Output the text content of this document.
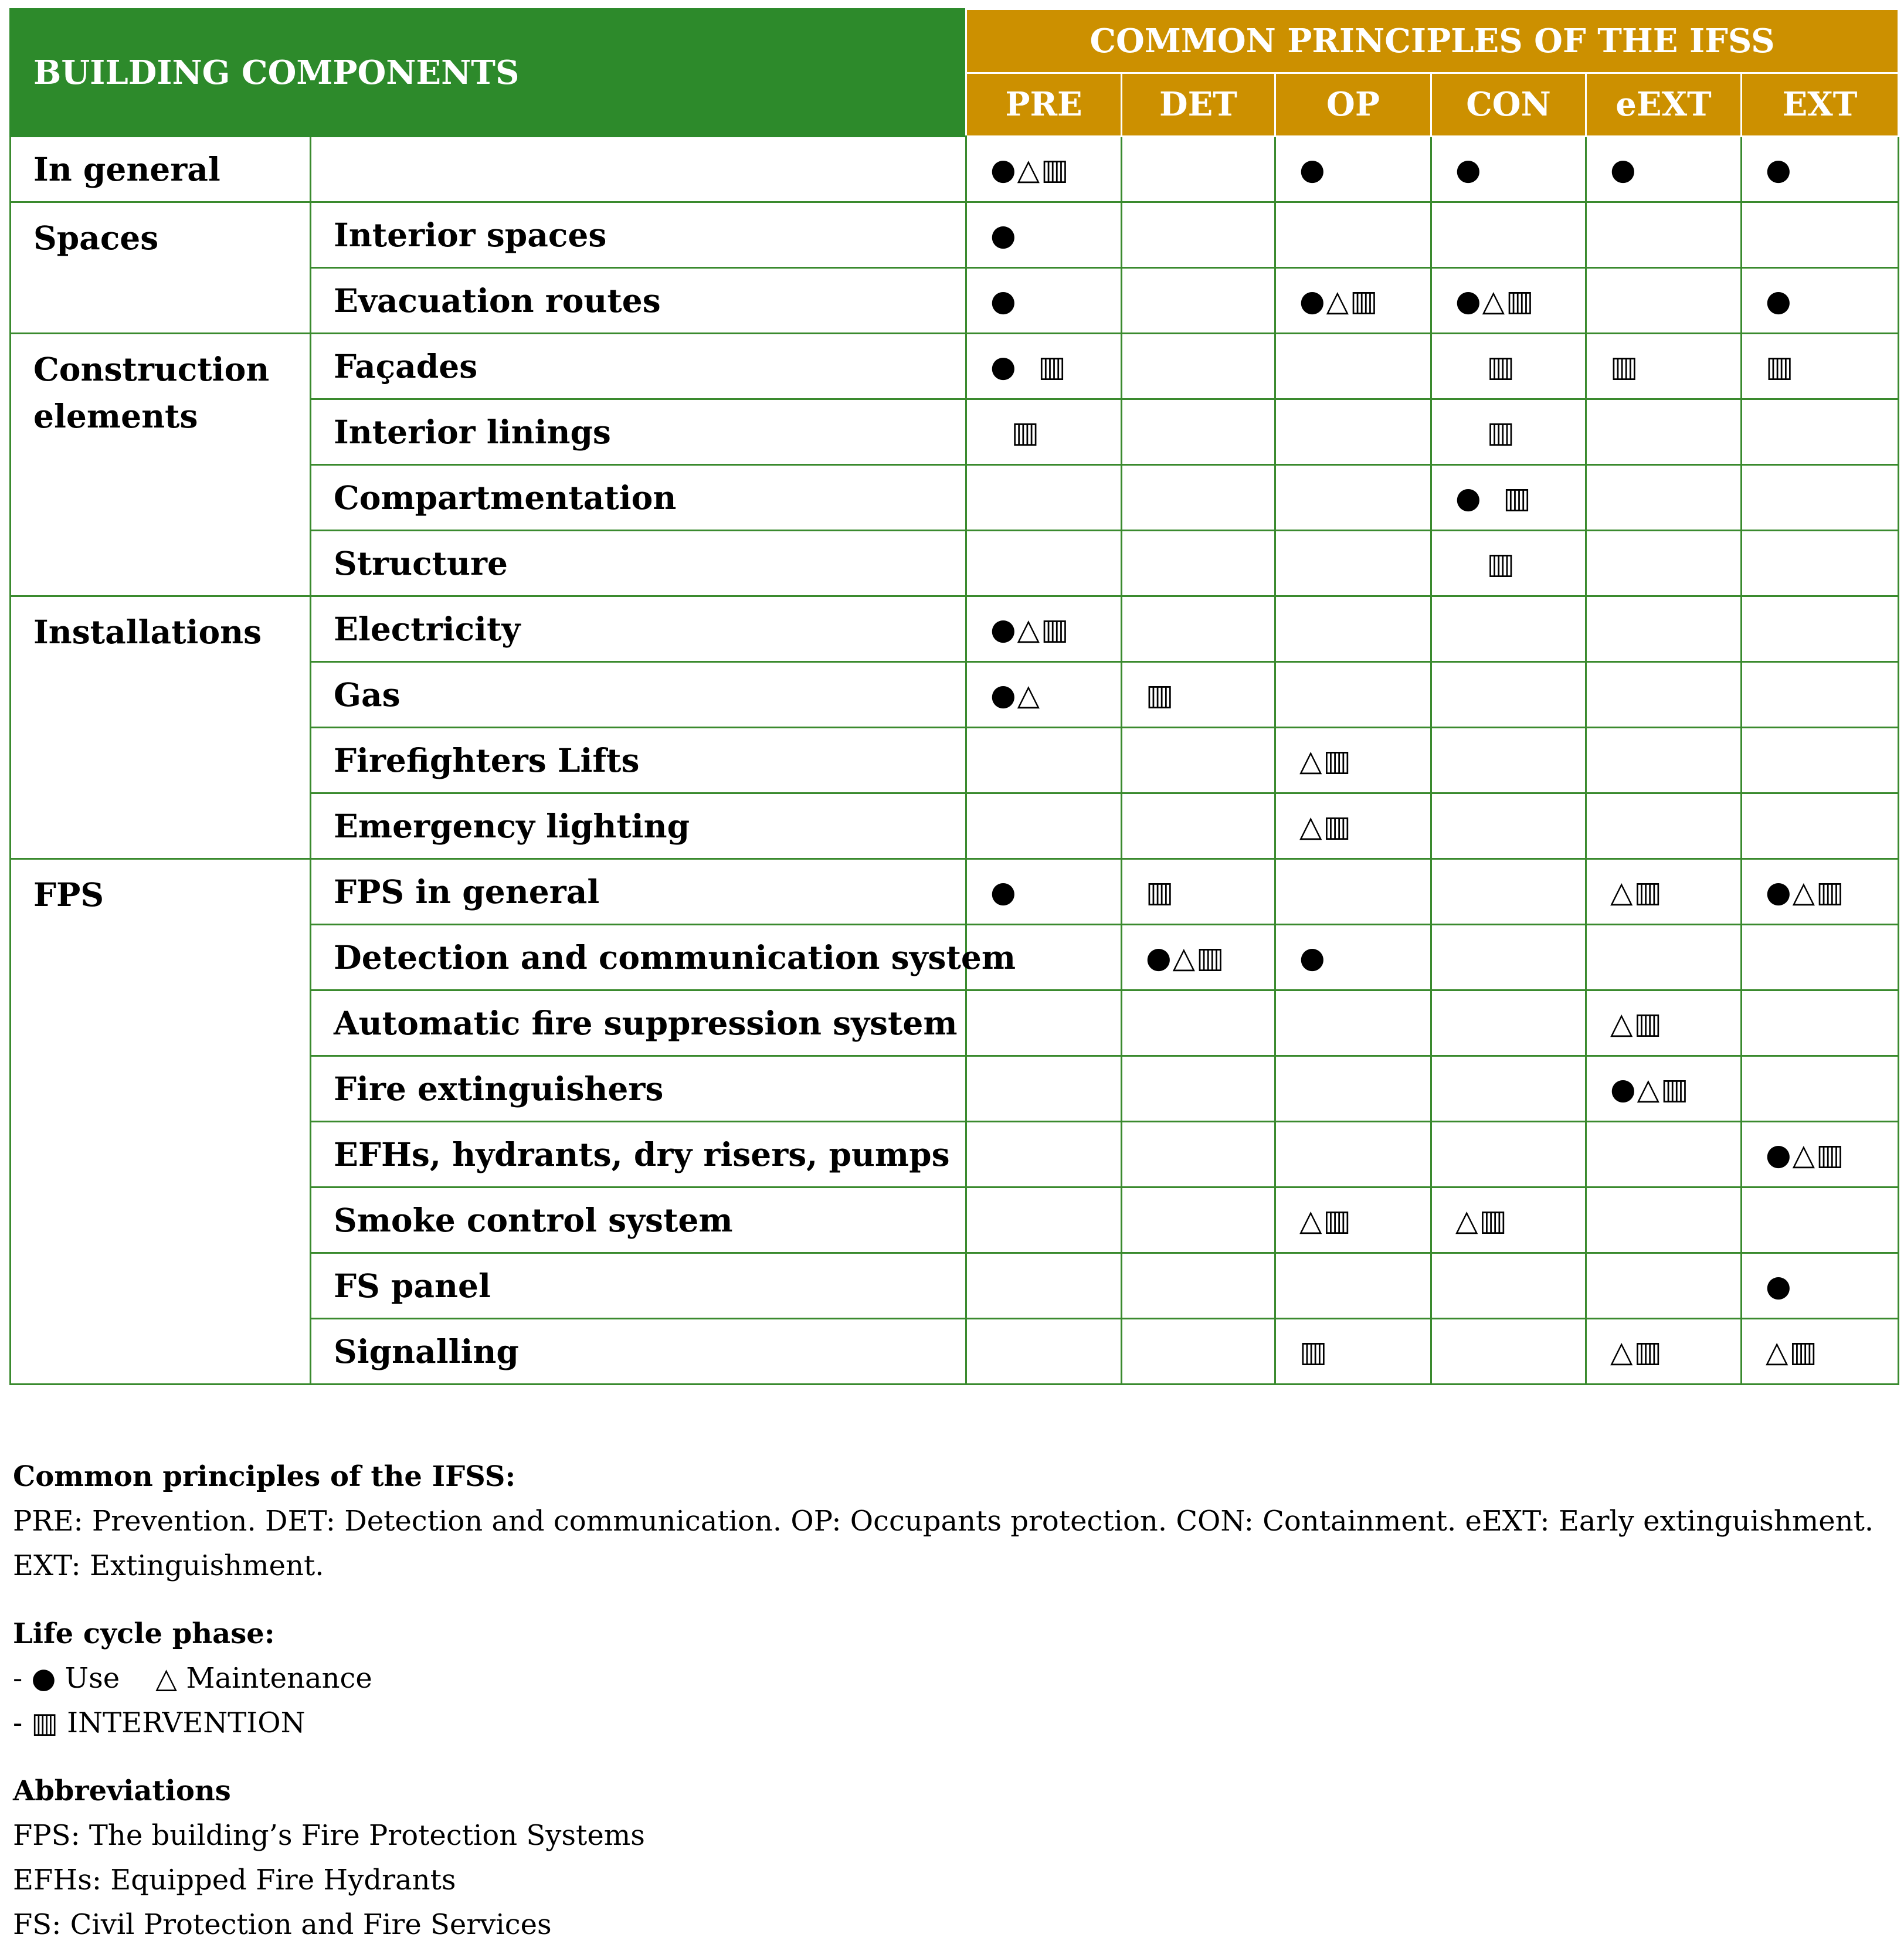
BUILDING COMPONENTS		COMMON PRINCIPLES OF THE IFSS					
		PRE	DET	OP	CON	eEXT	EXT
In general		●△▥		●	●	●	●
Spaces	Interior spaces	●					
	Evacuation routes	●		●△▥	●△▥		●
Construction elements	Façades	●  ▥			▥	▥	▥
	Interior linings	▥			▥		
	Compartmentation				●  ▥		
	Structure				▥		
Installations	Electricity	●△▥					
	Gas	●△	▥				
	Firefighters Lifts			△▥			
	Emergency lighting			△▥			
FPS	FPS in general	●	▥			△▥	●△▥
	Detection and communication system		●△▥	●			
	Automatic fire suppression system					△▥	
	Fire extinguishers					●△▥	
	EFHs, hydrants, dry risers, pumps						●△▥
	Smoke control system			△▥	△▥		
	FS panel						●
	Signalling			▥		△▥	△▥

Common principles of the IFSS:

PRE: Prevention. DET: Detection and communication. OP: Occupants protection. CON: Containment. eEXT: Early extinguishment. EXT: Extinguishment.

Life cycle phase:

- ● Use △ Maintenance

- ▥ INTERVENTION

Abbreviations

FPS: The building’s Fire Protection Systems

EFHs: Equipped Fire Hydrants

FS: Civil Protection and Fire Services
